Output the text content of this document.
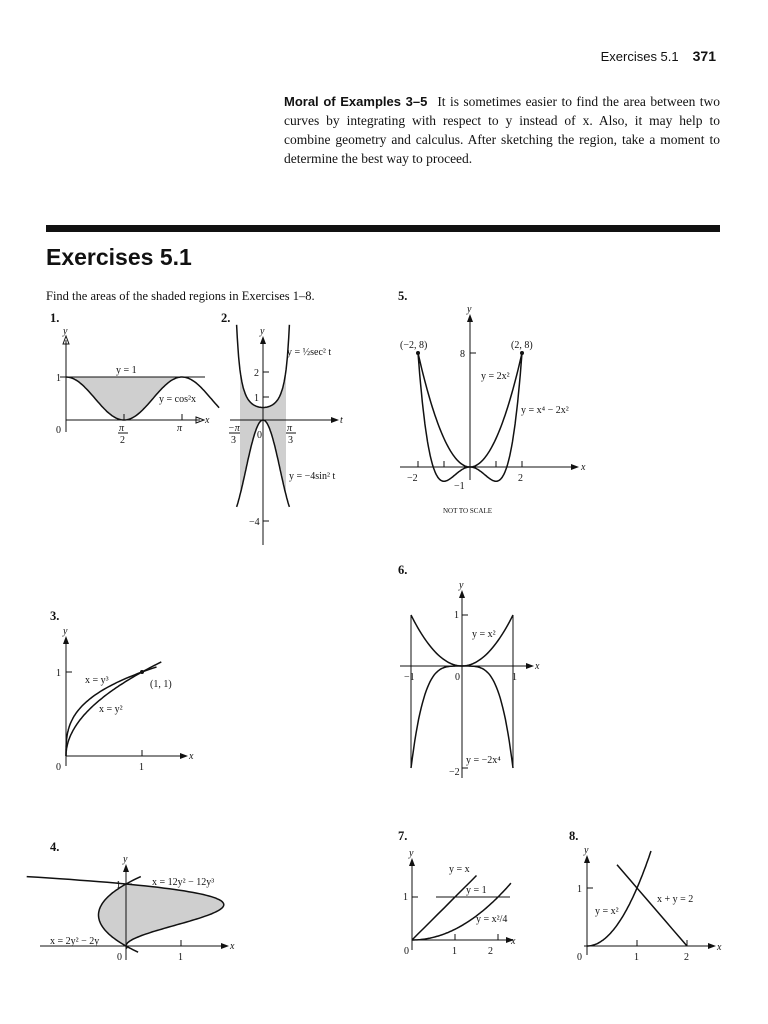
Exercises 5.1 371
Moral of Examples 3–5 It is sometimes easier to find the area between two curves by integrating with respect to y instead of x. Also, it may help to combine geometry and calculus. After sketching the region, take a moment to determine the best way to proceed.
Exercises 5.1
Find the areas of the shaded regions in Exercises 1–8.
1.	2.
5.
6.
3.
4.
7.	8.
y
x
1
0
y = 1
y = cos²x
π
2
π
y
t
2
1
−4
0
−π
3
π
3
y = ½sec² t
y = −4sin² t
y
x
8
(−2, 8)	(2, 8)
y = 2x²
y = x⁴ − 2x²
−2
−1
2
NOT TO SCALE
y
x
1
−1	0	1
−2
y = x²
y = −2x⁴
y
x
1
1
0
x = y³
x = y²
(1, 1)
y
x
1
1
0
x = 12y² − 12y³
x = 2y² − 2y
y
x
1
0	1	2
y = x
y = 1
y = x²/4
y
x
1
0	1	2
y = x²
x + y = 2
